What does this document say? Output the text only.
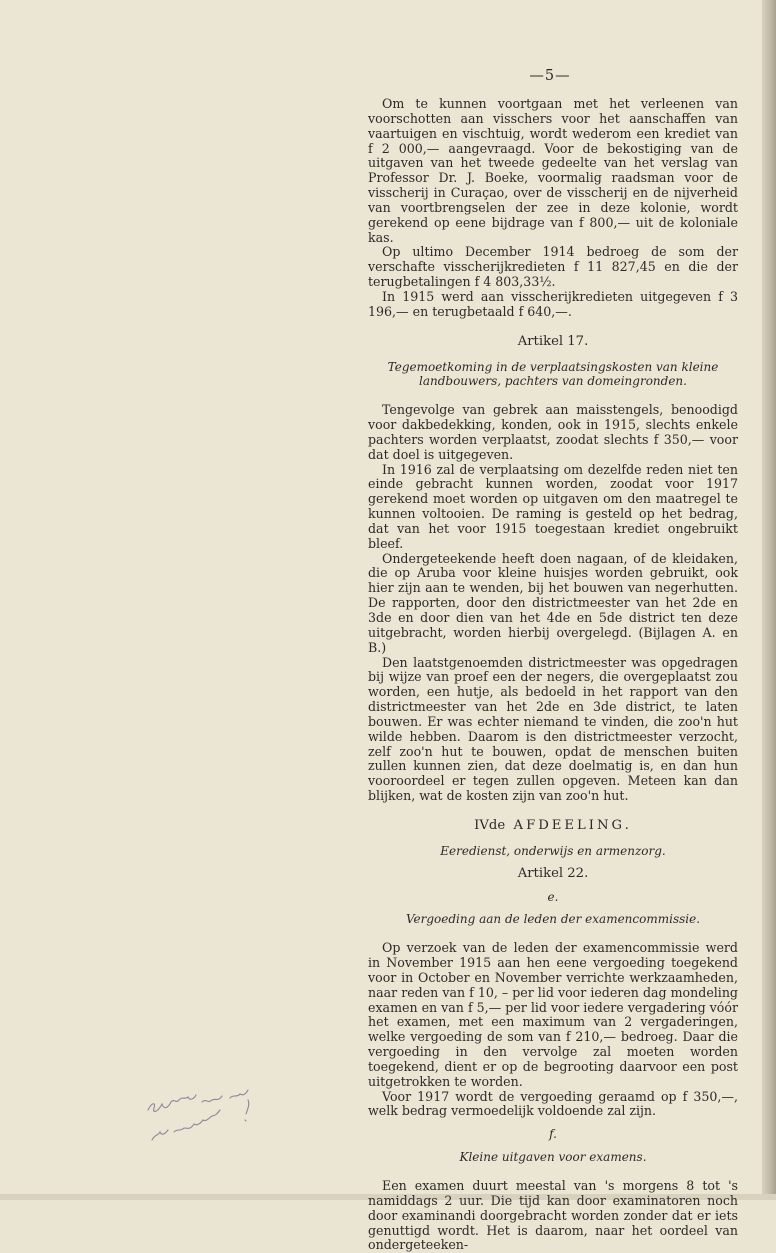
—5—

Om te kunnen voortgaan met het verleenen van voorschotten aan visschers voor het aanschaffen van vaartuigen en vischtuig, wordt wederom een krediet van f 2 000,— aangevraagd. Voor de bekostiging van de uitgaven van het tweede gedeelte van het verslag van Professor Dr. J. Boeke, voormalig raadsman voor de visscherij in Curaçao, over de visscherij en de nijverheid van voortbrengselen der zee in deze kolonie, wordt gerekend op eene bijdrage van f 800,— uit de koloniale kas.

Op ultimo December 1914 bedroeg de som der verschafte visscherijkredieten f 11 827,45 en die der terugbetalingen f 4 803,33½.

In 1915 werd aan visscherijkredieten uitgegeven f 3 196,— en terugbetaald f 640,—.

Artikel 17.

Tegemoetkoming in de verplaatsingskosten van kleine landbouwers, pachters van domeingronden.

Tengevolge van gebrek aan maisstengels, benoodigd voor dakbedekking, konden, ook in 1915, slechts enkele pachters worden verplaatst, zoodat slechts f 350,— voor dat doel is uitgegeven.

In 1916 zal de verplaatsing om dezelfde reden niet ten einde gebracht kunnen worden, zoodat voor 1917 gerekend moet worden op uitgaven om den maatregel te kunnen voltooien. De raming is gesteld op het bedrag, dat van het voor 1915 toegestaan krediet ongebruikt bleef.

Ondergeteekende heeft doen nagaan, of de kleidaken, die op Aruba voor kleine huisjes worden gebruikt, ook hier zijn aan te wenden, bij het bouwen van negerhutten. De rapporten, door den districtmeester van het 2de en 3de en door dien van het 4de en 5de district ten deze uitgebracht, worden hierbij overgelegd. (Bijlagen A. en B.)

Den laatstgenoemden districtmeester was opgedragen bij wijze van proef een der negers, die overgeplaatst zou worden, een hutje, als bedoeld in het rapport van den districtmeester van het 2de en 3de district, te laten bouwen. Er was echter niemand te vinden, die zoo'n hut wilde hebben. Daarom is den districtmeester verzocht, zelf zoo'n hut te bouwen, opdat de menschen buiten zullen kunnen zien, dat deze doelmatig is, en dan hun vooroordeel er tegen zullen opgeven. Meteen kan dan blijken, wat de kosten zijn van zoo'n hut.

IVde AFDEELING.

Eeredienst, onderwijs en armenzorg.

Artikel 22.

e.

Vergoeding aan de leden der examencommissie.

Op verzoek van de leden der examencommissie werd in November 1915 aan hen eene vergoeding toegekend voor in October en November verrichte werkzaamheden, naar reden van f 10, – per lid voor iederen dag mondeling examen en van f 5,— per lid voor iedere vergadering vóór het examen, met een maximum van 2 vergaderingen, welke vergoeding de som van f 210,— bedroeg. Daar die vergoeding in den vervolge zal moeten worden toegekend, dient er op de begrooting daarvoor een post uitgetrokken te worden.

Voor 1917 wordt de vergoeding geraamd op f 350,—, welk bedrag vermoedelijk voldoende zal zijn.

f.

Kleine uitgaven voor examens.

Een examen duurt meestal van 's morgens 8 tot 's namiddags 2 uur. Die tijd kan door examinatoren noch door examinandi doorgebracht worden zonder dat er iets genuttigd wordt. Het is daarom, naar het oordeel van ondergeteeken-
